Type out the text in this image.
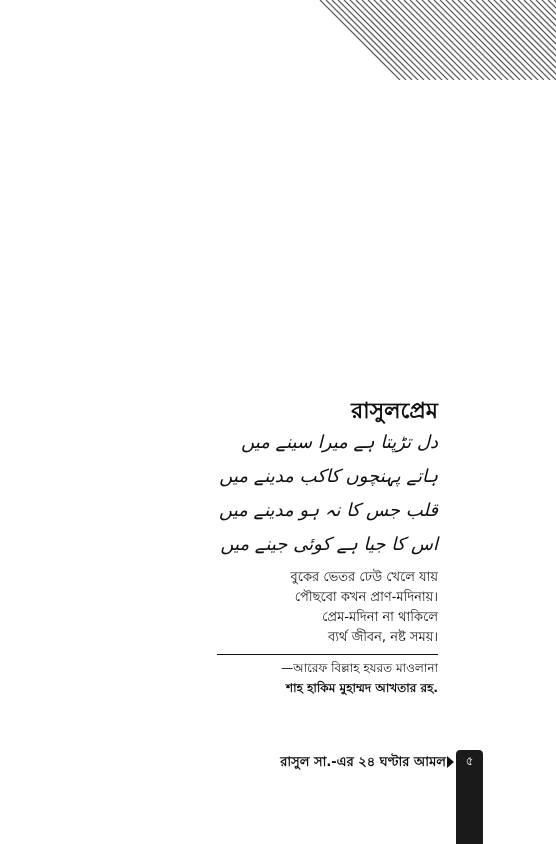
রাসুলপ্রেম
دل تڑپتا ہے میرا سینے میں
ہاتے پہنچوں کاکب مدینے میں
قلب جس کا نہ ہو مدینے میں
اس کا جیا ہے کوئی جینے میں
বুকের ভেতর ঢেউ খেলে যায়
পৌছবো কখন প্রাণ-মদিনায়।
প্রেম-মদিনা না থাকিলে
ব্যর্থ জীবন, নষ্ট সময়।
—আরেফ বিল্লাহ হযরত মাওলানা
শাহ হাকিম মুহাম্মদ আখতার রহ.
রাসুল সা.-এর ২৪ ঘণ্টার আমল	৫
